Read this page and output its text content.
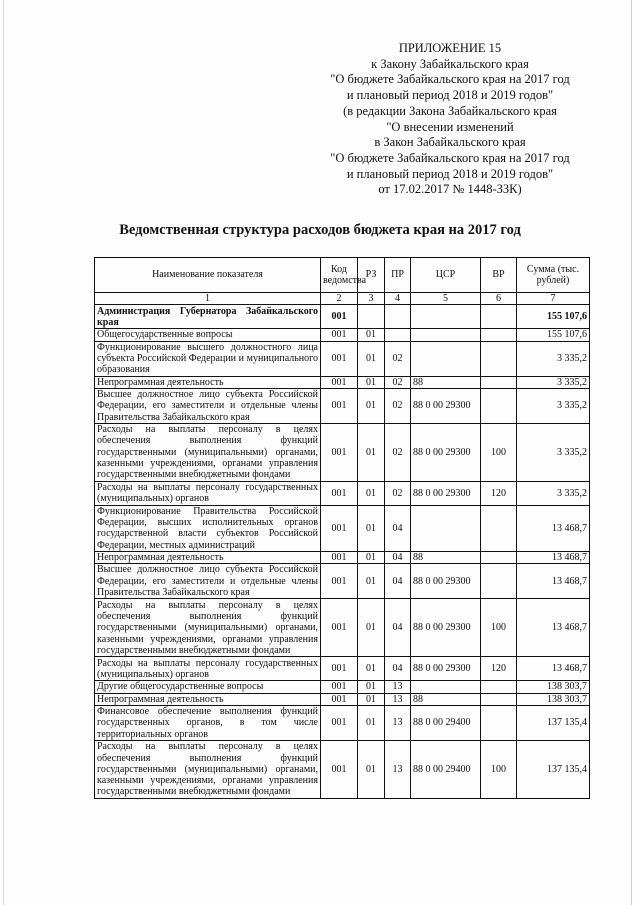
ПРИЛОЖЕНИЕ 15
к Закону Забайкальского края
"О бюджете Забайкальского края на 2017 год
и плановый период 2018 и 2019 годов"
(в редакции Закона Забайкальского края
"О внесении изменений
в Закон Забайкальского края
"О бюджете Забайкальского края на 2017 год
и плановый период 2018 и 2019 годов"
от 17.02.2017 № 1448-ЗЗК)
Ведомственная структура расходов бюджета края на 2017 год
Наименование показателя	Код ведомства	РЗ	ПР	ЦСР	ВР	Сумма (тыс. рублей)
1	2	3	4	5	6	7
Администрация Губернатора Забайкальского края	001					155 107,6
Общегосударственные вопросы	001	01				155 107,6
Функционирование высшего должностного лица субъекта Российской Федерации и муниципального образования	001	01	02			3 335,2
Непрограммная деятельность	001	01	02	88		3 335,2
Высшее должностное лицо субъекта Российской Федерации, его заместители и отдельные члены Правительства Забайкальского края	001	01	02	88 0 00 29300		3 335,2
Расходы на выплаты персоналу в целях обеспечения выполнения функций государственными (муниципальными) органами, казенными учреждениями, органами управления государственными внебюджетными фондами	001	01	02	88 0 00 29300	100	3 335,2
Расходы на выплаты персоналу государственных (муниципальных) органов	001	01	02	88 0 00 29300	120	3 335,2
Функционирование Правительства Российской Федерации, высших исполнительных органов государственной власти субъектов Российской Федерации, местных администраций	001	01	04			13 468,7
Непрограммная деятельность	001	01	04	88		13 468,7
Высшее должностное лицо субъекта Российской Федерации, его заместители и отдельные члены Правительства Забайкальского края	001	01	04	88 0 00 29300		13 468,7
Расходы на выплаты персоналу в целях обеспечения выполнения функций государственными (муниципальными) органами, казенными учреждениями, органами управления государственными внебюджетными фондами	001	01	04	88 0 00 29300	100	13 468,7
Расходы на выплаты персоналу государственных (муниципальных) органов	001	01	04	88 0 00 29300	120	13 468,7
Другие общегосударственные вопросы	001	01	13			138 303,7
Непрограммная деятельность	001	01	13	88		138 303,7
Финансовое обеспечение выполнения функций государственных органов, в том числе территориальных органов	001	01	13	88 0 00 29400		137 135,4
Расходы на выплаты персоналу в целях обеспечения выполнения функций государственными (муниципальными) органами, казенными учреждениями, органами управления государственными внебюджетными фондами	001	01	13	88 0 00 29400	100	137 135,4
